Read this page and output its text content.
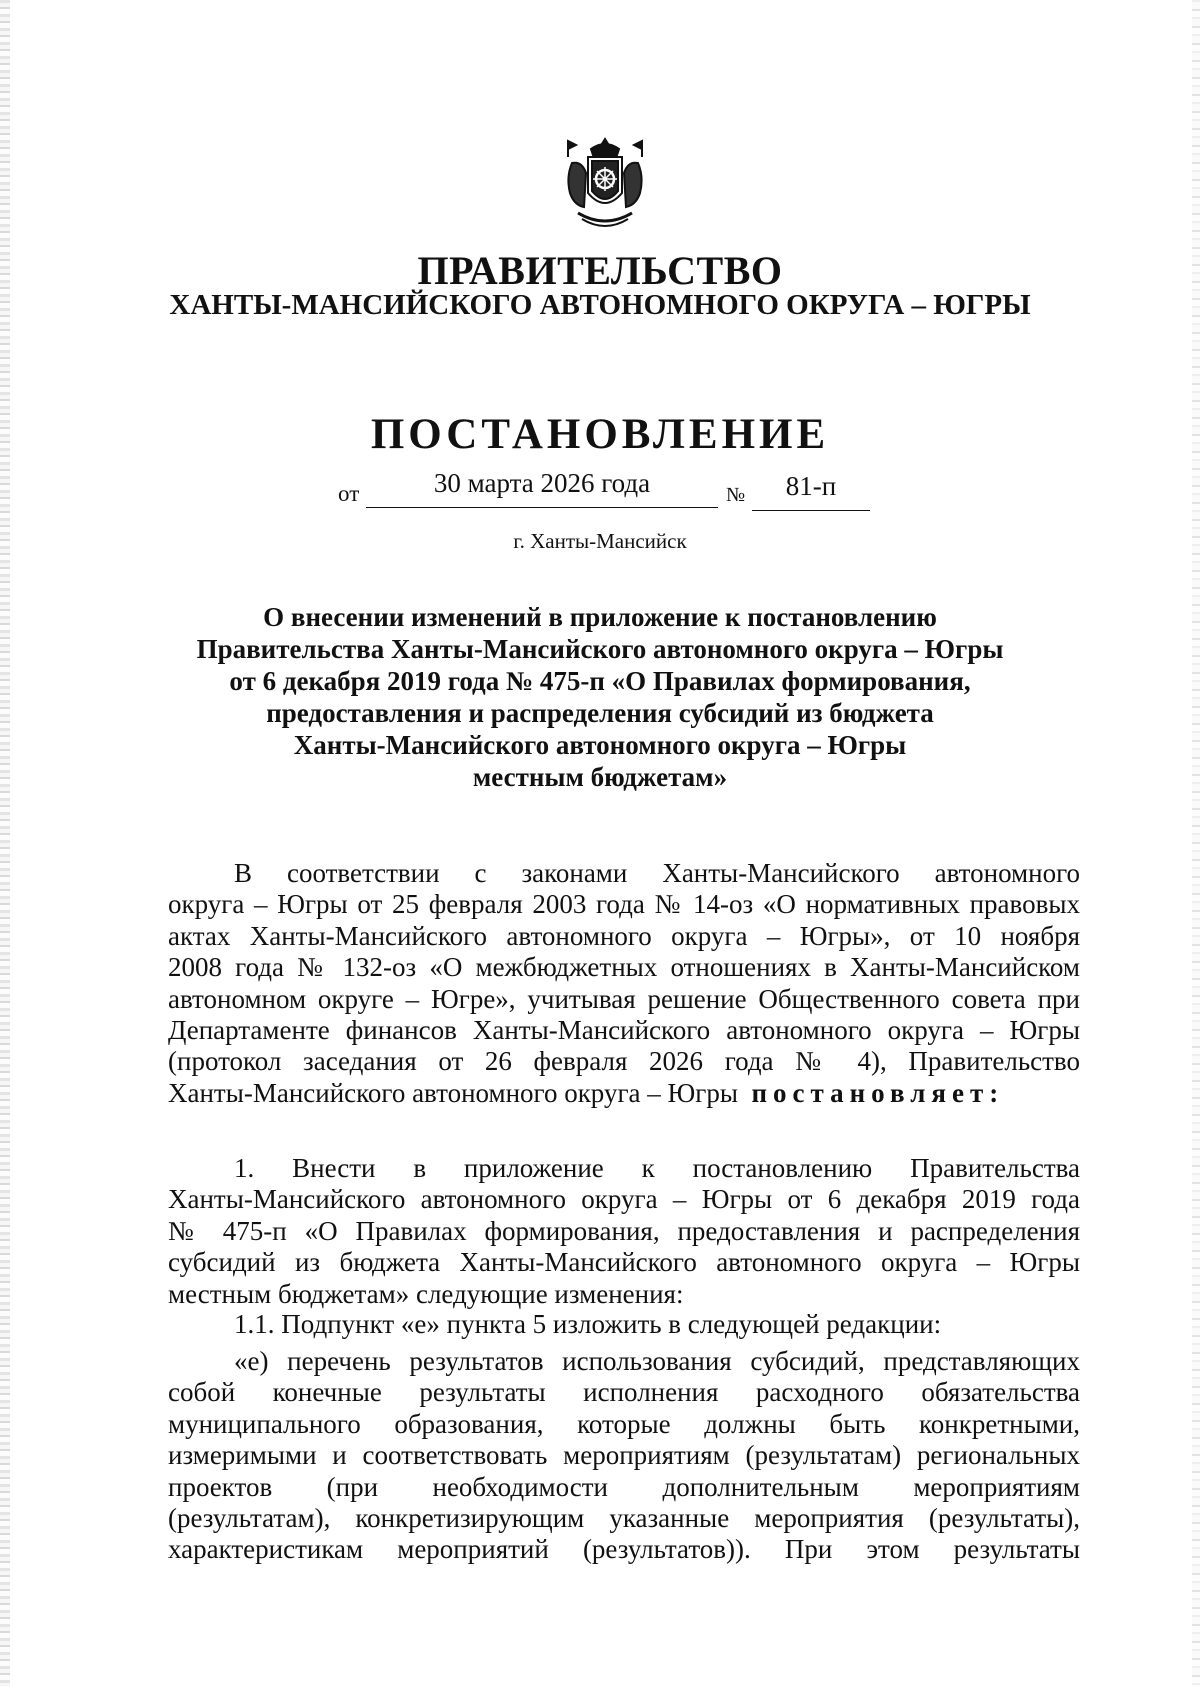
ПРАВИТЕЛЬСТВО
ХАНТЫ-МАНСИЙСКОГО АВТОНОМНОГО ОКРУГА – ЮГРЫ
ПОСТАНОВЛЕНИЕ
от	30 марта 2026 года	№	81-п
г. Ханты-Мансийск
О внесении изменений в приложение к постановлению
Правительства Ханты-Мансийского автономного округа – Югры
от 6 декабря 2019 года № 475-п «О Правилах формирования,
предоставления и распределения субсидий из бюджета
Ханты-Мансийского автономного округа – Югры
местным бюджетам»
В соответствии с законами Ханты-Мансийского автономного
округа – Югры от 25 февраля 2003 года № 14-оз «О нормативных правовых
актах Ханты-Мансийского автономного округа – Югры», от 10 ноября
2008 года № 132-оз «О межбюджетных отношениях в Ханты-Мансийском
автономном округе – Югре», учитывая решение Общественного совета при
Департаменте финансов Ханты-Мансийского автономного округа – Югры
(протокол заседания от 26 февраля 2026 года № 4), Правительство
Ханты-Мансийского автономного округа – Югры постановляет:
1. Внести в приложение к постановлению Правительства
Ханты-Мансийского автономного округа – Югры от 6 декабря 2019 года
№ 475-п «О Правилах формирования, предоставления и распределения
субсидий из бюджета Ханты-Мансийского автономного округа – Югры
местным бюджетам» следующие изменения:
1.1. Подпункт «е» пункта 5 изложить в следующей редакции:
«е) перечень результатов использования субсидий, представляющих
собой конечные результаты исполнения расходного обязательства
муниципального образования, которые должны быть конкретными,
измеримыми и соответствовать мероприятиям (результатам) региональных
проектов (при необходимости дополнительным мероприятиям
(результатам), конкретизирующим указанные мероприятия (результаты),
характеристикам мероприятий (результатов)). При этом результаты
